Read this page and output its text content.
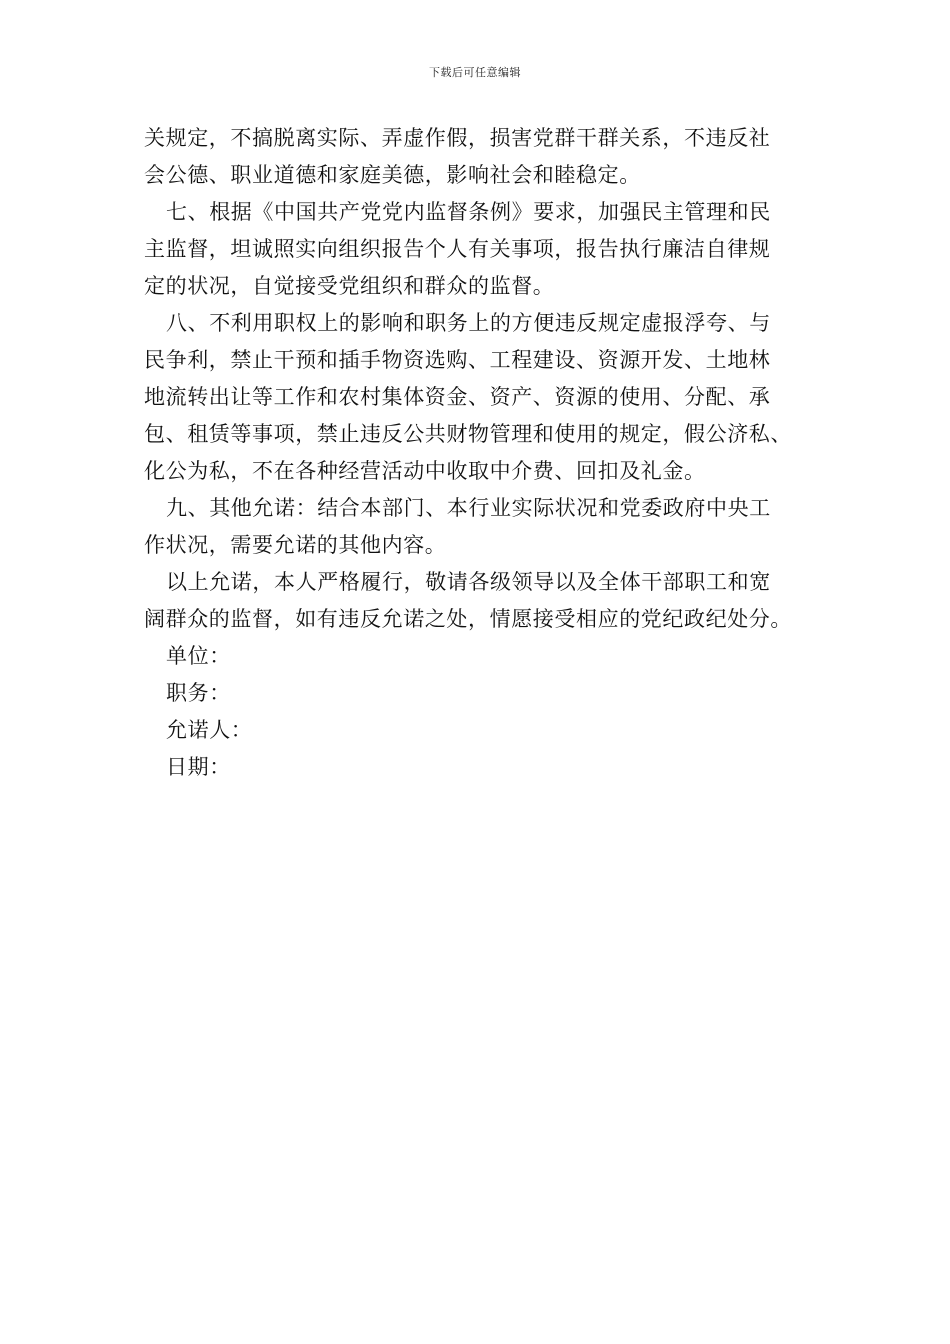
下载后可任意编辑
关规定，不搞脱离实际、弄虚作假，损害党群干群关系，不违反社
会公德、职业道德和家庭美德，影响社会和睦稳定。
七、根据《中国共产党党内监督条例》要求，加强民主管理和民
主监督，坦诚照实向组织报告个人有关事项，报告执行廉洁自律规
定的状况，自觉接受党组织和群众的监督。
八、不利用职权上的影响和职务上的方便违反规定虚报浮夸、与
民争利，禁止干预和插手物资选购、工程建设、资源开发、土地林
地流转出让等工作和农村集体资金、资产、资源的使用、分配、承
包、租赁等事项，禁止违反公共财物管理和使用的规定，假公济私、
化公为私，不在各种经营活动中收取中介费、回扣及礼金。
九、其他允诺：结合本部门、本行业实际状况和党委政府中央工
作状况，需要允诺的其他内容。
以上允诺，本人严格履行，敬请各级领导以及全体干部职工和宽
阔群众的监督，如有违反允诺之处，情愿接受相应的党纪政纪处分。
单位：
职务：
允诺人：
日期：
